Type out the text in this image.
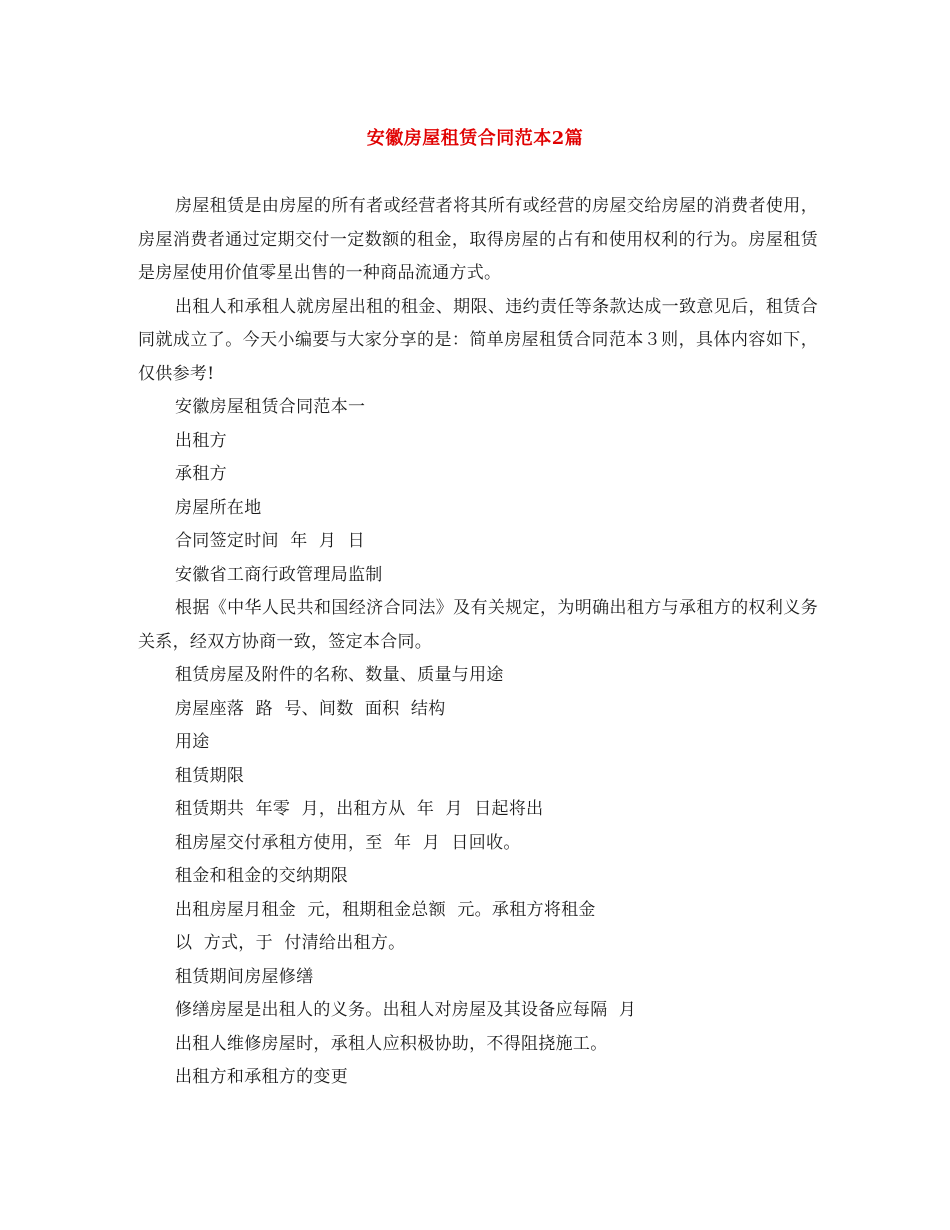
安徽房屋租赁合同范本2篇

房屋租赁是由房屋的所有者或经营者将其所有或经营的房屋交给房屋的消费者使用，房屋消费者通过定期交付一定数额的租金，取得房屋的占有和使用权利的行为。房屋租赁是房屋使用价值零星出售的一种商品流通方式。

出租人和承租人就房屋出租的租金、期限、违约责任等条款达成一致意见后，租赁合同就成立了。今天小编要与大家分享的是：简单房屋租赁合同范本３则，具体内容如下，仅供参考!

安徽房屋租赁合同范本一

出租方

承租方

房屋所在地

合同签定时间  年  月  日

安徽省工商行政管理局监制

根据《中华人民共和国经济合同法》及有关规定，为明确出租方与承租方的权利义务关系，经双方协商一致，签定本合同。

租赁房屋及附件的名称、数量、质量与用途

房屋座落  路  号、间数  面积  结构

用途

租赁期限

租赁期共  年零  月，出租方从  年  月  日起将出

租房屋交付承租方使用，至  年  月  日回收。

租金和租金的交纳期限

出租房屋月租金  元，租期租金总额  元。承租方将租金

以  方式，于  付清给出租方。

租赁期间房屋修缮

修缮房屋是出租人的义务。出租人对房屋及其设备应每隔  月

出租人维修房屋时，承租人应积极协助，不得阻挠施工。

出租方和承租方的变更
